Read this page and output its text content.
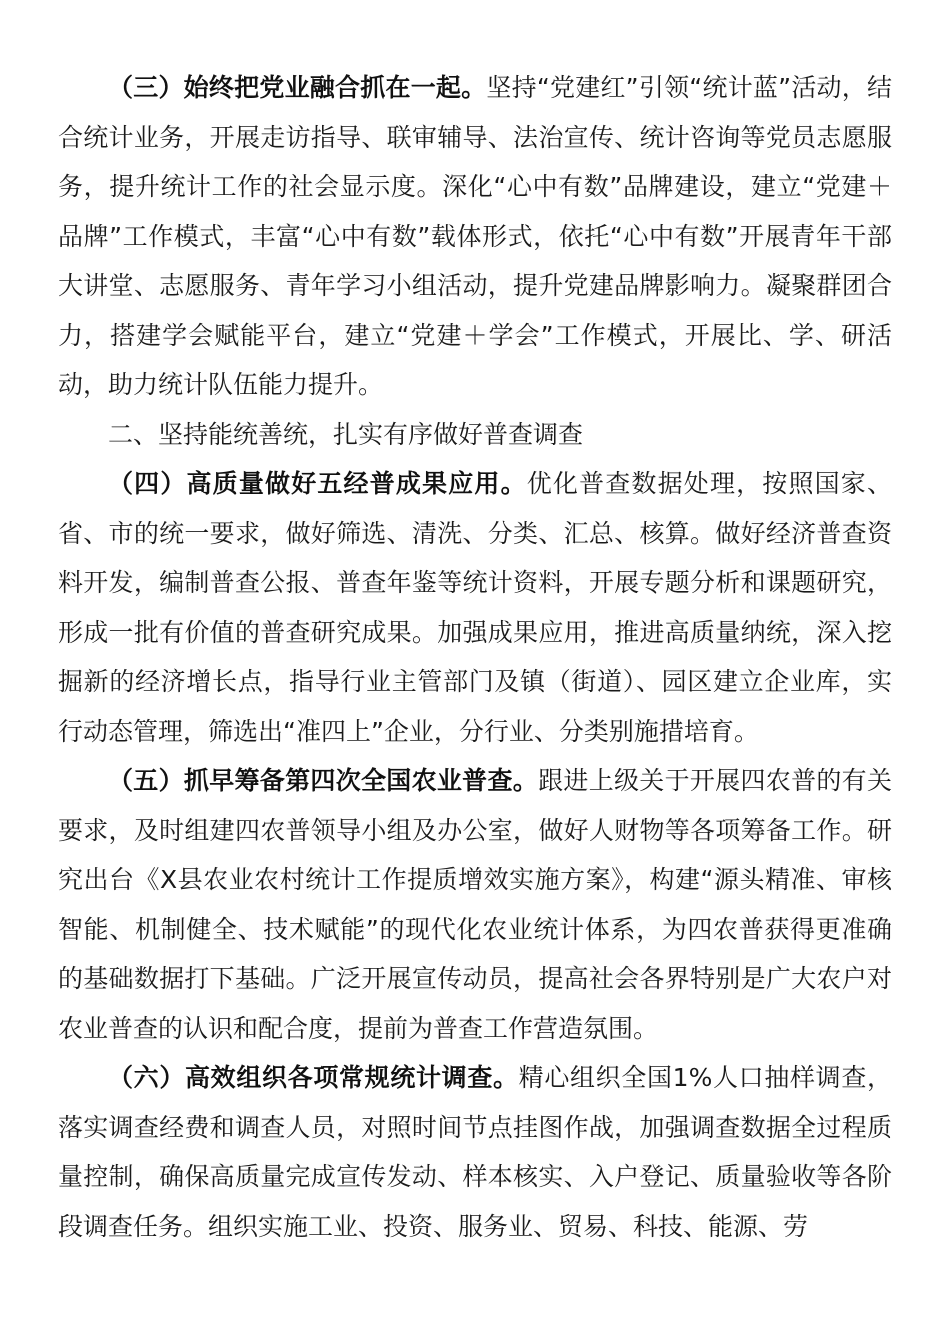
（三）始终把党业融合抓在一起。坚持“党建红”引领“统计蓝”活动，结合统计业务，开展走访指导、联审辅导、法治宣传、统计咨询等党员志愿服务，提升统计工作的社会显示度。深化“心中有数”品牌建设，建立“党建＋品牌”工作模式，丰富“心中有数”载体形式，依托“心中有数”开展青年干部大讲堂、志愿服务、青年学习小组活动，提升党建品牌影响力。凝聚群团合力，搭建学会赋能平台，建立“党建＋学会”工作模式，开展比、学、研活动，助力统计队伍能力提升。

二、坚持能统善统，扎实有序做好普查调查

（四）高质量做好五经普成果应用。优化普查数据处理，按照国家、省、市的统一要求，做好筛选、清洗、分类、汇总、核算。做好经济普查资料开发，编制普查公报、普查年鉴等统计资料，开展专题分析和课题研究，形成一批有价值的普查研究成果。加强成果应用，推进高质量纳统，深入挖掘新的经济增长点，指导行业主管部门及镇（街道）、园区建立企业库，实行动态管理，筛选出“准四上”企业，分行业、分类别施措培育。

（五）抓早筹备第四次全国农业普查。跟进上级关于开展四农普的有关要求，及时组建四农普领导小组及办公室，做好人财物等各项筹备工作。研究出台《X县农业农村统计工作提质增效实施方案》，构建“源头精准、审核智能、机制健全、技术赋能”的现代化农业统计体系，为四农普获得更准确的基础数据打下基础。广泛开展宣传动员，提高社会各界特别是广大农户对农业普查的认识和配合度，提前为普查工作营造氛围。

（六）高效组织各项常规统计调查。精心组织全国1%人口抽样调查，落实调查经费和调查人员，对照时间节点挂图作战，加强调查数据全过程质量控制，确保高质量完成宣传发动、样本核实、入户登记、质量验收等各阶段调查任务。组织实施工业、投资、服务业、贸易、科技、能源、劳
